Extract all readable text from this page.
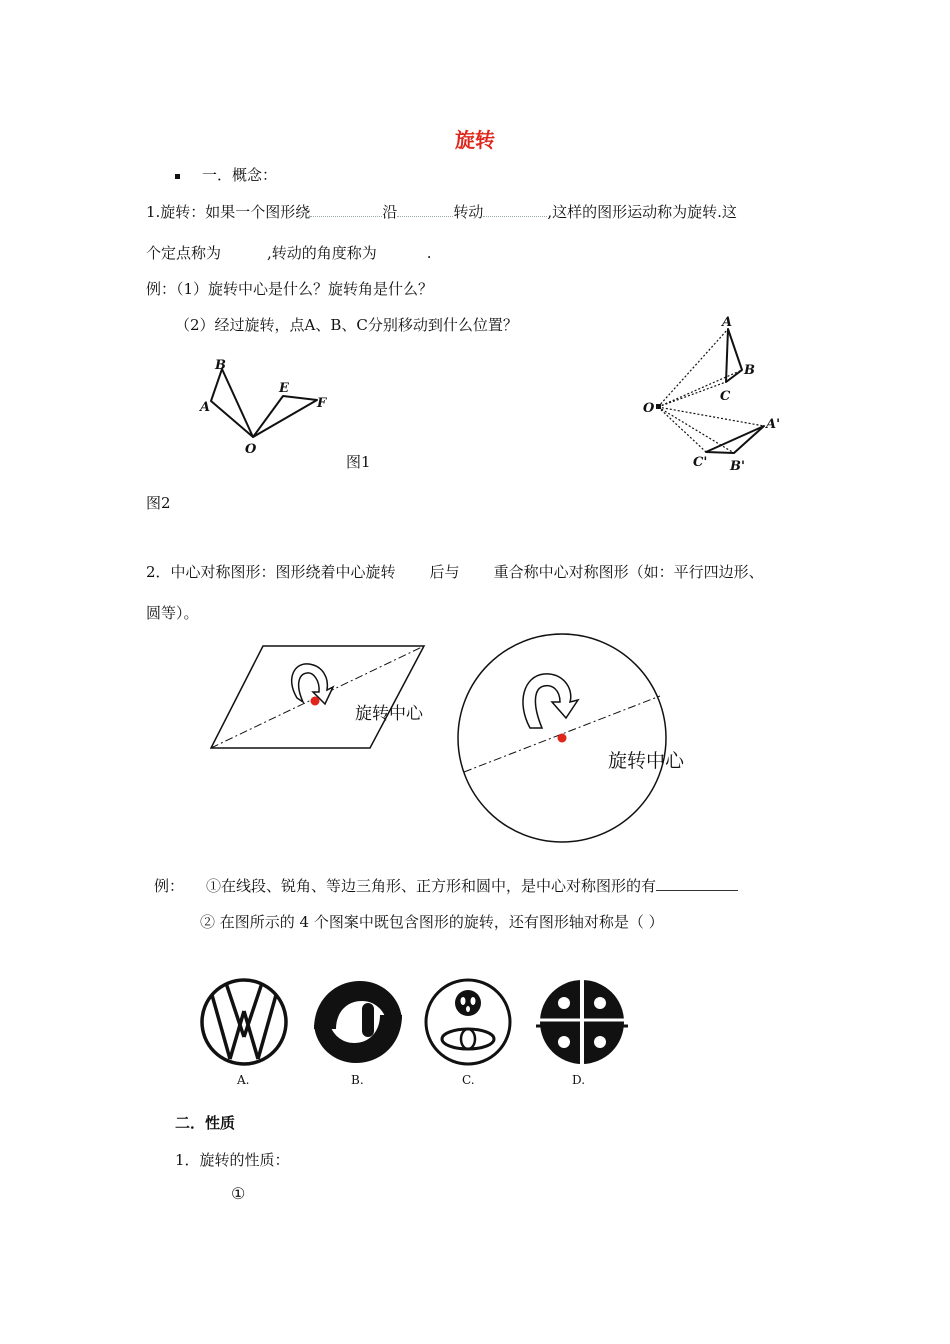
旋转
一．概念：
1.旋转：如果一个图形绕	沿	转动	,这样的图形运动称为旋转.这
个定点称为	,转动的角度称为	.
例：（1）旋转中心是什么？旋转角是什么？
（2）经过旋转，点A、B、C分别移动到什么位置？
B
A
O
E
F
图1
A
B
C
O
A'
C' B'
图2
2．中心对称图形：图形绕着中心旋转 后与 重合称中心对称图形（如：平行四边形、
圆等）。
旋转中心
旋转中心
例： ①在线段、锐角、等边三角形、正方形和圆中，是中心对称图形的有
② 在图所示的 4 个图案中既包含图形的旋转，还有图形轴对称是（ ）
A.	B.	C.	D.
二．性质
1．旋转的性质：
①
